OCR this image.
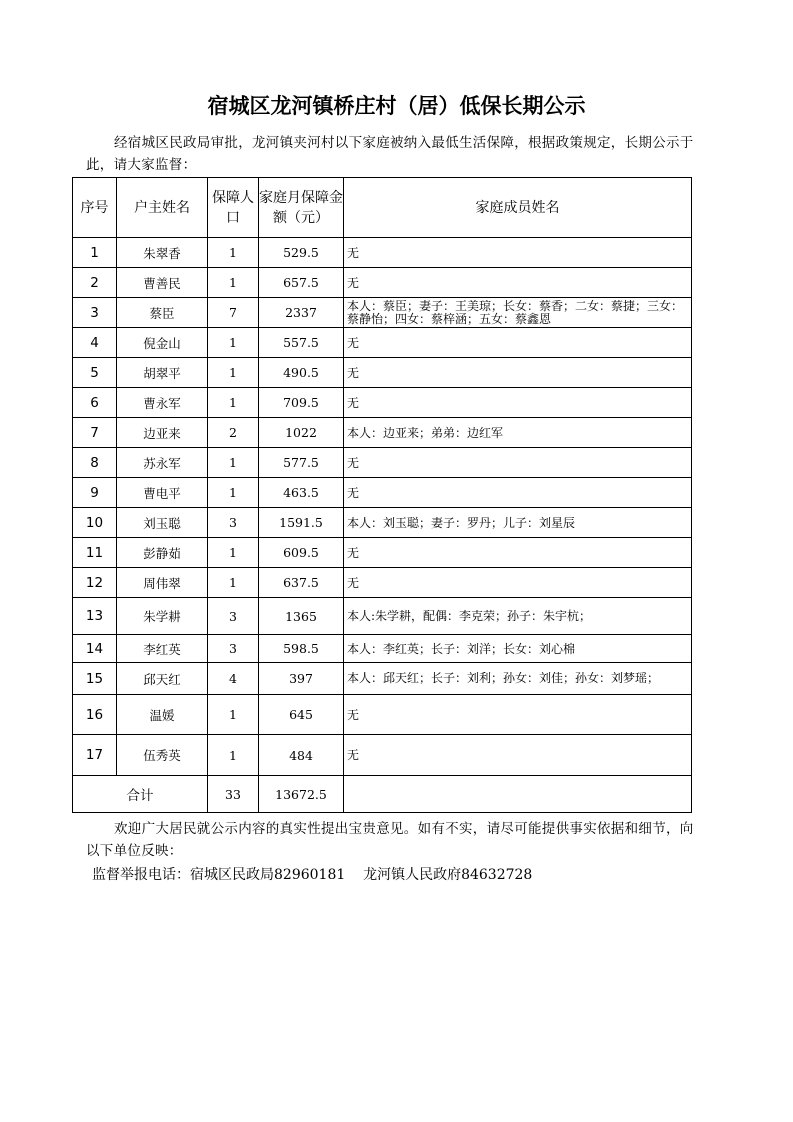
宿城区龙河镇桥庄村（居）低保长期公示
经宿城区民政局审批，龙河镇夹河村以下家庭被纳入最低生活保障，根据政策规定，长期公示于此，请大家监督：
序号	户主姓名	保障人口	家庭月保障金额（元）	家庭成员姓名
1	朱翠香	1	529.5	无
2	曹善民	1	657.5	无
3	蔡臣	7	2337	本人：蔡臣；妻子：王美琼；长女：蔡香；二女：蔡捷；三女：蔡静怡；四女：蔡梓涵；五女：蔡鑫恩

4	倪金山	1	557.5	无
5	胡翠平	1	490.5	无
6	曹永军	1	709.5	无
7	边亚来	2	1022	本人：边亚来；弟弟：边红军
8	苏永军	1	577.5	无
9	曹电平	1	463.5	无
10	刘玉聪	3	1591.5	本人：刘玉聪；妻子：罗丹；儿子：刘星辰
11	彭静茹	1	609.5	无
12	周伟翠	1	637.5	无
13	朱学耕	3	1365	本人:朱学耕，配偶：李克荣；孙子：朱宇杭；
14	李红英	3	598.5	本人：李红英；长子：刘洋；长女：刘心棉
15	邱天红	4	397	本人：邱天红；长子：刘利；孙女：刘佳；孙女：刘梦瑶；

16	温媛	1	645	无
17	伍秀英	1	484	无
合计		33	13672.5	
欢迎广大居民就公示内容的真实性提出宝贵意见。如有不实，请尽可能提供事实依据和细节，向以下单位反映：
监督举报电话：宿城区民政局82960181 龙河镇人民政府84632728
